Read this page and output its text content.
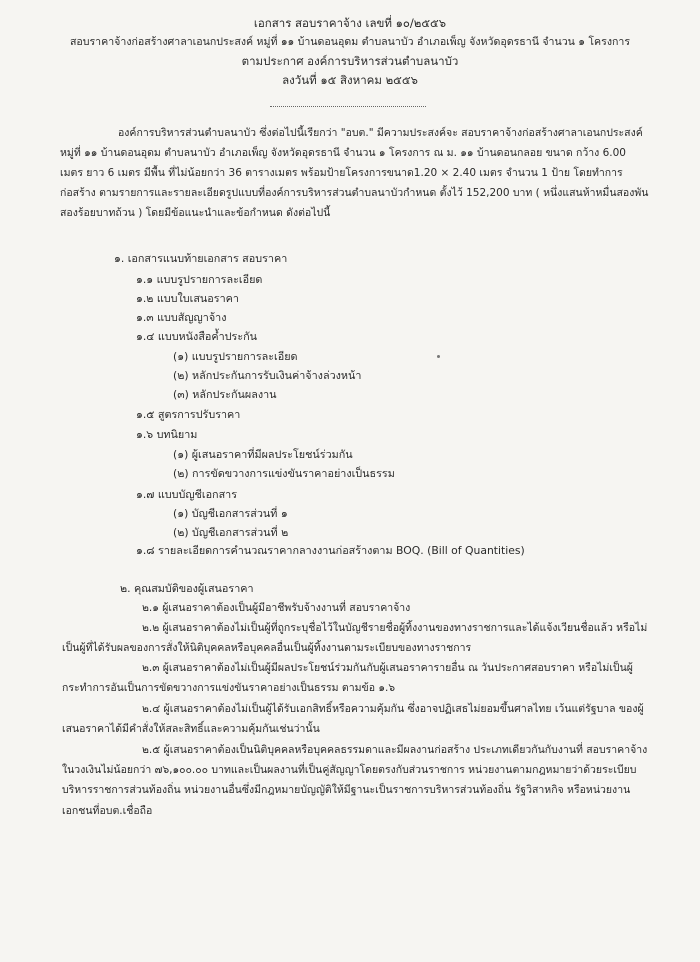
เอกสาร สอบราคาจ้าง เลขที่ ๑๐/๒๕๕๖
สอบราคาจ้างก่อสร้างศาลาเอนกประสงค์ หมู่ที่ ๑๑ บ้านดอนอุดม ตำบลนาบัว อำเภอเพ็ญ จังหวัดอุดรธานี จำนวน ๑ โครงการ
ตามประกาศ องค์การบริหารส่วนตำบลนาบัว
ลงวันที่ ๑๕ สิงหาคม ๒๕๕๖
องค์การบริหารส่วนตำบลนาบัว ซึ่งต่อไปนี้เรียกว่า "อบต." มีความประสงค์จะ สอบราคาจ้างก่อสร้างศาลาเอนกประสงค์ หมู่ที่ ๑๑ บ้านดอนอุดม ตำบลนาบัว อำเภอเพ็ญ จังหวัดอุดรธานี จำนวน ๑ โครงการ ณ ม. ๑๑ บ้านดอนกลอย ขนาด กว้าง 6.00 เมตร ยาว 6 เมตร มีพื้น ที่ไม่น้อยกว่า 36 ตารางเมตร พร้อมป้ายโครงการขนาด1.20 × 2.40 เมตร จำนวน 1 ป้าย โดยทำการก่อสร้าง ตามรายการและรายละเอียดรูปแบบที่องค์การบริหารส่วนตำบลนาบัวกำหนด ตั้งไว้ 152,200 บาท ( หนึ่งแสนห้าหมื่นสองพันสองร้อยบาทถ้วน ) โดยมีข้อแนะนำและข้อกำหนด ดังต่อไปนี้
๑. เอกสารแนบท้ายเอกสาร สอบราคา
๑.๑ แบบรูปรายการละเอียด
๑.๒ แบบใบเสนอราคา
๑.๓ แบบสัญญาจ้าง
๑.๔ แบบหนังสือค้ำประกัน
(๑) แบบรูปรายการละเอียด
(๒) หลักประกันการรับเงินค่าจ้างล่วงหน้า
(๓) หลักประกันผลงาน
๑.๕ สูตรการปรับราคา
๑.๖ บทนิยาม
(๑) ผู้เสนอราคาที่มีผลประโยชน์ร่วมกัน
(๒) การขัดขวางการแข่งขันราคาอย่างเป็นธรรม
๑.๗ แบบบัญชีเอกสาร
(๑) บัญชีเอกสารส่วนที่ ๑
(๒) บัญชีเอกสารส่วนที่ ๒
๑.๘ รายละเอียดการคำนวณราคากลางงานก่อสร้างตาม BOQ. (Bill of Quantities)
๒. คุณสมบัติของผู้เสนอราคา
๒.๑ ผู้เสนอราคาต้องเป็นผู้มีอาชีพรับจ้างงานที่ สอบราคาจ้าง
๒.๒ ผู้เสนอราคาต้องไม่เป็นผู้ที่ถูกระบุชื่อไว้ในบัญชีรายชื่อผู้ทิ้งงานของทางราชการและได้แจ้งเวียนชื่อแล้ว หรือไม่เป็นผู้ที่ได้รับผลของการสั่งให้นิติบุคคลหรือบุคคลอื่นเป็นผู้ทิ้งงานตามระเบียบของทางราชการ
๒.๓ ผู้เสนอราคาต้องไม่เป็นผู้มีผลประโยชน์ร่วมกันกับผู้เสนอราคารายอื่น ณ วันประกาศสอบราคา หรือไม่เป็นผู้กระทำการอันเป็นการขัดขวางการแข่งขันราคาอย่างเป็นธรรม ตามข้อ ๑.๖
๒.๔ ผู้เสนอราคาต้องไม่เป็นผู้ได้รับเอกสิทธิ์หรือความคุ้มกัน ซึ่งอาจปฏิเสธไม่ยอมขึ้นศาลไทย เว้นแต่รัฐบาล ของผู้เสนอราคาได้มีคำสั่งให้สละสิทธิ์และความคุ้มกันเช่นว่านั้น
๒.๕ ผู้เสนอราคาต้องเป็นนิติบุคคลหรือบุคคลธรรมดาและมีผลงานก่อสร้าง ประเภทเดียวกันกับงานที่ สอบราคาจ้าง ในวงเงินไม่น้อยกว่า ๗๖,๑๐๐.๐๐ บาทและเป็นผลงานที่เป็นคู่สัญญาโดยตรงกับส่วนราชการ หน่วยงานตามกฎหมายว่าด้วยระเบียบบริหารราชการส่วนท้องถิ่น หน่วยงานอื่นซึ่งมีกฎหมายบัญญัติให้มีฐานะเป็นราชการบริหารส่วนท้องถิ่น รัฐวิสาหกิจ หรือหน่วยงานเอกชนที่อบต.เชื่อถือ
